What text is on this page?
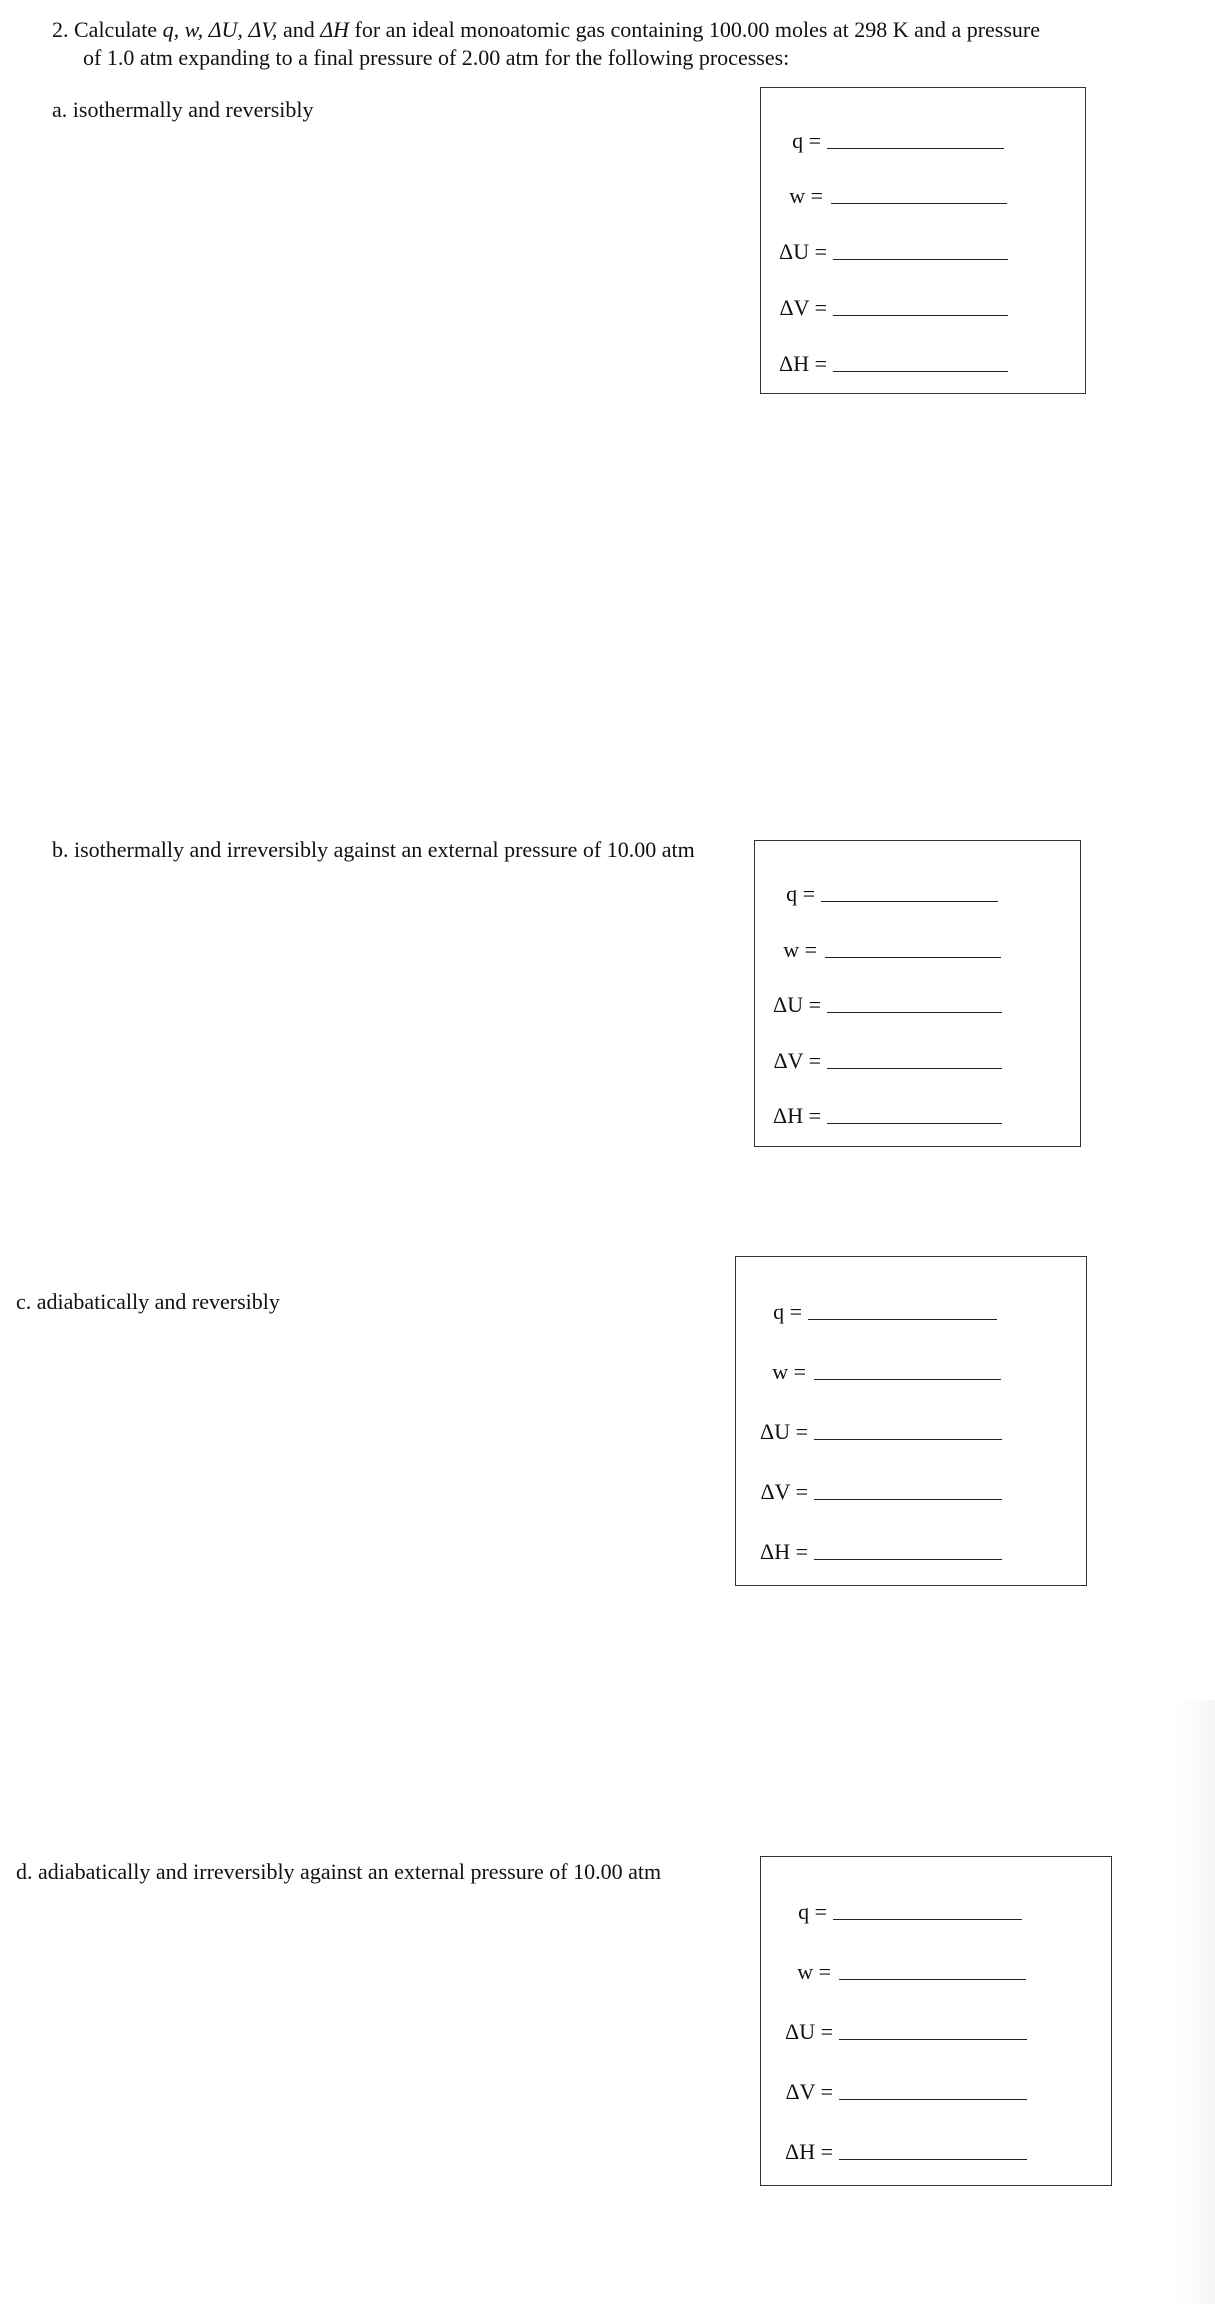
2. Calculate q, w, ΔU, ΔV, and ΔH for an ideal monoatomic gas containing 100.00 moles at 298 K and a pressure
of 1.0 atm expanding to a final pressure of 2.00 atm for the following processes:
a. isothermally and reversibly
q =
w =
ΔU =
ΔV =
ΔH =
b. isothermally and irreversibly against an external pressure of 10.00 atm
q =
w =
ΔU =
ΔV =
ΔH =
c. adiabatically and reversibly	q =
w =
ΔU =
ΔV =
ΔH =
d. adiabatically and irreversibly against an external pressure of 10.00 atm
q =
w =
ΔU =
ΔV =
ΔH =
